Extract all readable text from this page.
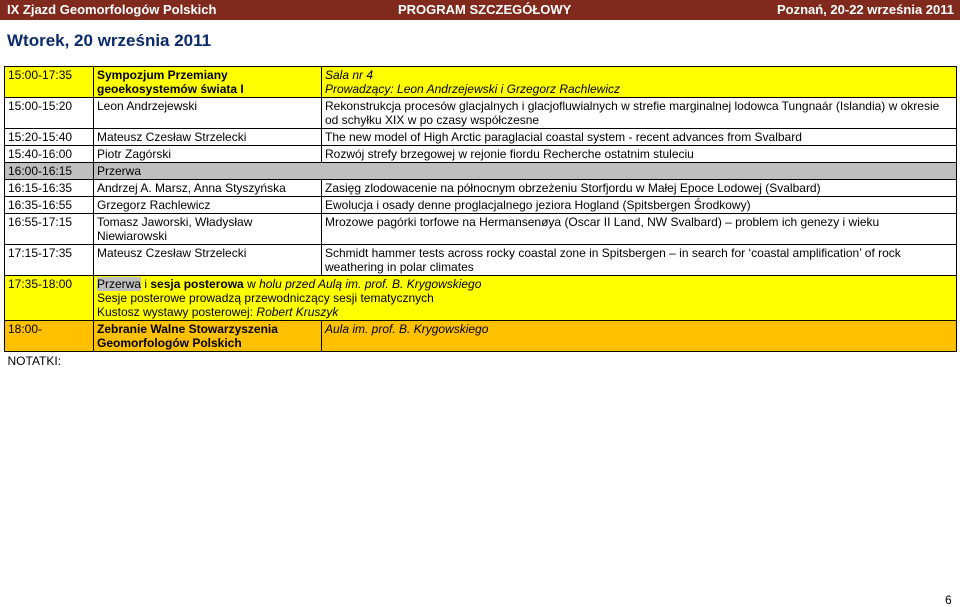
IX Zjazd Geomorfologów Polskich	PROGRAM SZCZEGÓŁOWY	Poznań, 20-22 września 2011
Wtorek, 20 września 2011
15:00-17:35	Sympozjum Przemiany geoekosystemów świata I	Sala nr 4
Prowadzący: Leon Andrzejewski i Grzegorz Rachlewicz

15:00-15:20	Leon Andrzejewski	Rekonstrukcja procesów glacjalnych i glacjofluwialnych w strefie marginalnej lodowca Tungnaár (Islandia) w okresie od schyłku XIX w po czasy współczesne
15:20-15:40	Mateusz Czesław Strzelecki	The new model of High Arctic paraglacial coastal system - recent advances from Svalbard
15:40-16:00	Piotr Zagórski	Rozwój strefy brzegowej w rejonie fiordu Recherche ostatnim stuleciu
16:00-16:15	Przerwa	
16:15-16:35	Andrzej A. Marsz, Anna Styszyńska	Zasięg zlodowacenie na północnym obrzeżeniu Storfjordu w Małej Epoce Lodowej (Svalbard)
16:35-16:55	Grzegorz Rachlewicz	Ewolucja i osady denne proglacjalnego jeziora Hogland (Spitsbergen Środkowy)
16:55-17:15	Tomasz Jaworski, Władysław Niewiarowski	Mrozowe pagórki torfowe na Hermansenøya (Oscar II Land, NW Svalbard) – problem ich genezy i wieku
17:15-17:35	Mateusz Czesław Strzelecki	Schmidt hammer tests across rocky coastal zone in Spitsbergen – in search for ‘coastal amplification’ of rock weathering in polar climates
17:35-18:00	Przerwa i sesja posterowa w holu przed Aulą im. prof. B. Krygowskiego
Sesje posterowe prowadzą przewodniczący sesji tematycznych
Kustosz wystawy posterowej: Robert Kruszyk	

18:00-	Zebranie Walne Stowarzyszenia Geomorfologów Polskich	Aula im. prof. B. Krygowskiego
NOTATKI:		
6
